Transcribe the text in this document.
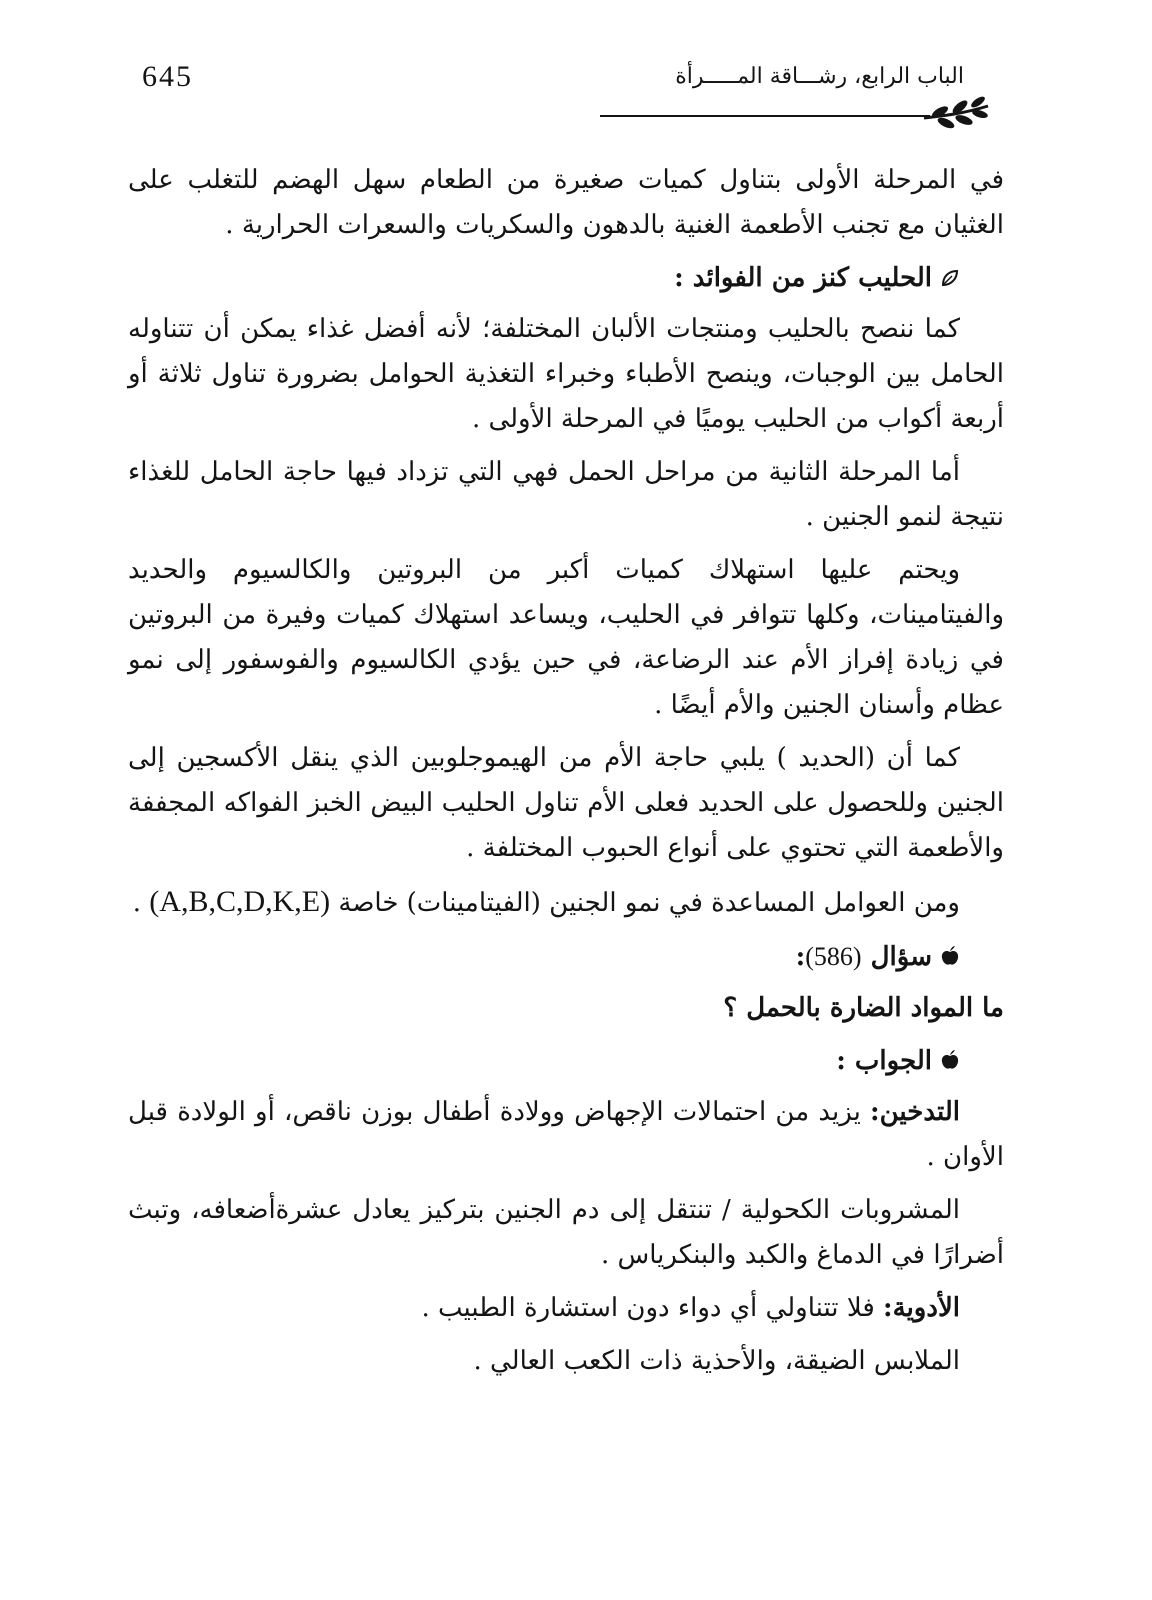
645	الباب الرابع، رشـــاقة المـــــرأة

في المرحلة الأولى بتناول كميات صغيرة من الطعام سهل الهضم للتغلب على الغثيان مع تجنب الأطعمة الغنية بالدهون والسكريات والسعرات الحرارية .

الحليب كنز من الفوائد :

كما ننصح بالحليب ومنتجات الألبان المختلفة؛ لأنه أفضل غذاء يمكن أن تتناوله الحامل بين الوجبات، وينصح الأطباء وخبراء التغذية الحوامل بضرورة تناول ثلاثة أو أربعة أكواب من الحليب يوميًا في المرحلة الأولى .

أما المرحلة الثانية من مراحل الحمل فهي التي تزداد فيها حاجة الحامل للغذاء نتيجة لنمو الجنين .

ويحتم عليها استهلاك كميات أكبر من البروتين والكالسيوم والحديد والفيتامينات، وكلها تتوافر في الحليب، ويساعد استهلاك كميات وفيرة من البروتين في زيادة إفراز الأم عند الرضاعة، في حين يؤدي الكالسيوم والفوسفور إلى نمو عظام وأسنان الجنين والأم أيضًا .

كما أن (الحديد ) يلبي حاجة الأم من الهيموجلوبين الذي ينقل الأكسجين إلى الجنين وللحصول على الحديد فعلى الأم تناول الحليب البيض الخبز الفواكه المجففة والأطعمة التي تحتوي على أنواع الحبوب المختلفة .

ومن العوامل المساعدة في نمو الجنين (الفيتامينات) خاصة (A,B,C,D,K,E) .

سؤال (586):

ما المواد الضارة بالحمل ؟

الجواب :

التدخين: يزيد من احتمالات الإجهاض وولادة أطفال بوزن ناقص، أو الولادة قبل الأوان .

المشروبات الكحولية / تنتقل إلى دم الجنين بتركيز يعادل عشرةأضعافه، وتبث أضرارًا في الدماغ والكبد والبنكرياس .

الأدوية: فلا تتناولي أي دواء دون استشارة الطبيب .

الملابس الضيقة، والأحذية ذات الكعب العالي .
